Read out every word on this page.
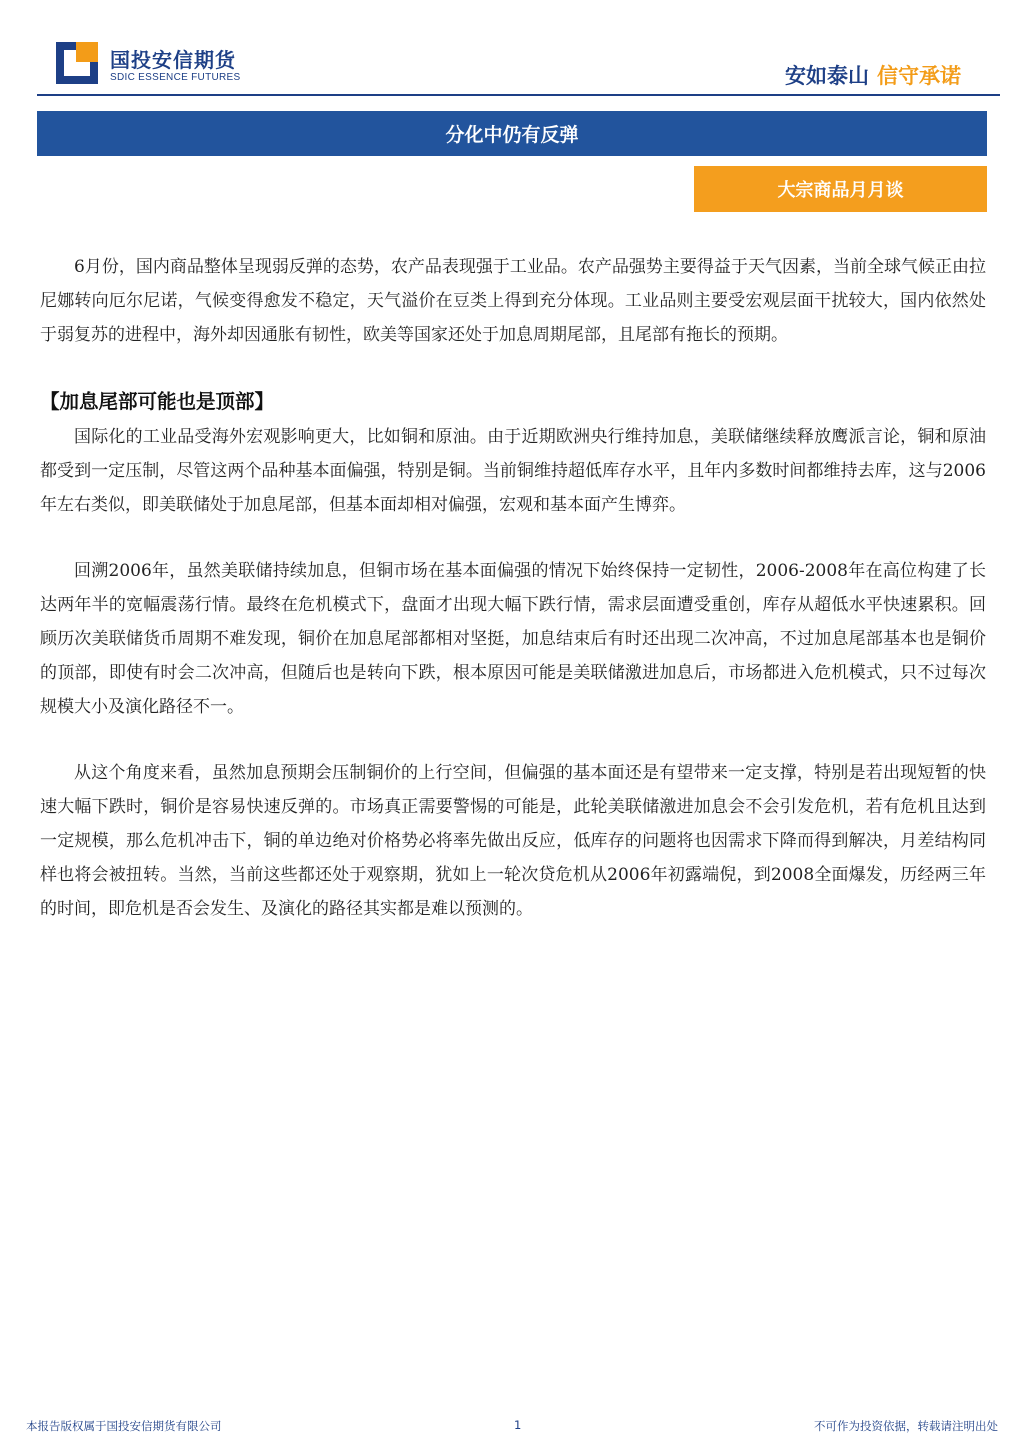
国投安信期货
SDIC ESSENCE FUTURES	安如泰山 信守承诺
分化中仍有反弹
大宗商品月月谈

6月份，国内商品整体呈现弱反弹的态势，农产品表现强于工业品。农产品强势主要得益于天气因素，当前全球气候正由拉尼娜转向厄尔尼诺，气候变得愈发不稳定，天气溢价在豆类上得到充分体现。工业品则主要受宏观层面干扰较大，国内依然处于弱复苏的进程中，海外却因通胀有韧性，欧美等国家还处于加息周期尾部，且尾部有拖长的预期。

【加息尾部可能也是顶部】

国际化的工业品受海外宏观影响更大，比如铜和原油。由于近期欧洲央行维持加息，美联储继续释放鹰派言论，铜和原油都受到一定压制，尽管这两个品种基本面偏强，特别是铜。当前铜维持超低库存水平，且年内多数时间都维持去库，这与2006年左右类似，即美联储处于加息尾部，但基本面却相对偏强，宏观和基本面产生博弈。

回溯2006年，虽然美联储持续加息，但铜市场在基本面偏强的情况下始终保持一定韧性，2006-2008年在高位构建了长达两年半的宽幅震荡行情。最终在危机模式下，盘面才出现大幅下跌行情，需求层面遭受重创，库存从超低水平快速累积。回顾历次美联储货币周期不难发现，铜价在加息尾部都相对坚挺，加息结束后有时还出现二次冲高，不过加息尾部基本也是铜价的顶部，即使有时会二次冲高，但随后也是转向下跌，根本原因可能是美联储激进加息后，市场都进入危机模式，只不过每次规模大小及演化路径不一。

从这个角度来看，虽然加息预期会压制铜价的上行空间，但偏强的基本面还是有望带来一定支撑，特别是若出现短暂的快速大幅下跌时，铜价是容易快速反弹的。市场真正需要警惕的可能是，此轮美联储激进加息会不会引发危机，若有危机且达到一定规模，那么危机冲击下，铜的单边绝对价格势必将率先做出反应，低库存的问题将也因需求下降而得到解决，月差结构同样也将会被扭转。当然，当前这些都还处于观察期，犹如上一轮次贷危机从2006年初露端倪，到2008全面爆发，历经两三年的时间，即危机是否会发生、及演化的路径其实都是难以预测的。

本报告版权属于国投安信期货有限公司	1	不可作为投资依据，转载请注明出处
